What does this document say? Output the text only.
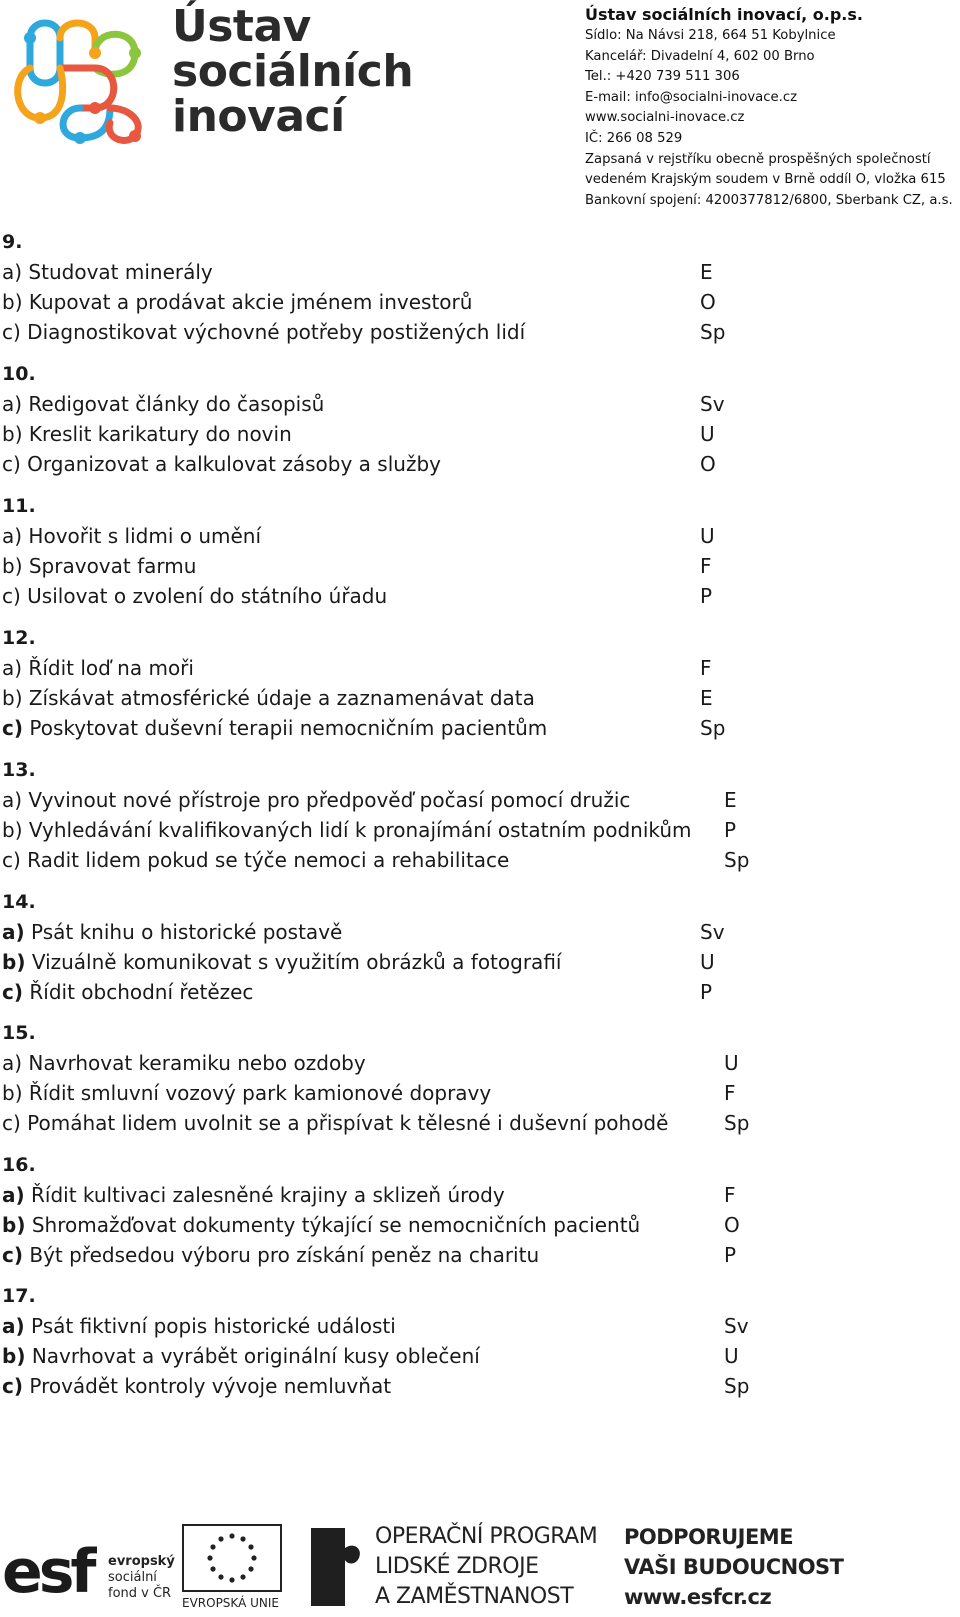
Ústav
sociálních
inovací
Ústav sociálních inovací, o.p.s.
Sídlo: Na Návsi 218, 664 51 Kobylnice
Kancelář: Divadelní 4, 602 00 Brno
Tel.: +420 739 511 306
E-mail: info@socialni-inovace.cz
www.socialni-inovace.cz
IČ: 266 08 529
Zapsaná v rejstříku obecně prospěšných společností
vedeném Krajským soudem v Brně oddíl O, vložka 615
Bankovní spojení: 4200377812/6800, Sberbank CZ, a.s.
9.
a) Studovat minerály	E
b) Kupovat a prodávat akcie jménem investorů	O
c) Diagnostikovat výchovné potřeby postižených lidí	Sp
10.
a) Redigovat články do časopisů	Sv
b) Kreslit karikatury do novin	U
c) Organizovat a kalkulovat zásoby a služby	O
11.
a) Hovořit s lidmi o umění	U
b) Spravovat farmu	F
c) Usilovat o zvolení do státního úřadu	P
12.
a) Řídit loď na moři	F
b) Získávat atmosférické údaje a zaznamenávat data	E
c) Poskytovat duševní terapii nemocničním pacientům	Sp
13.
a) Vyvinout nové přístroje pro předpověď počasí pomocí družic	E
b) Vyhledávání kvalifikovaných lidí k pronajímání ostatním podnikům P
c) Radit lidem pokud se týče nemoci a rehabilitace	Sp
14.
a) Psát knihu o historické postavě	Sv
b) Vizuálně komunikovat s využitím obrázků a fotografií	U
c) Řídit obchodní řetězec	P
15.
a) Navrhovat keramiku nebo ozdoby	U
b) Řídit smluvní vozový park kamionové dopravy	F
c) Pomáhat lidem uvolnit se a přispívat k tělesné i duševní pohodě	Sp
16.
a) Řídit kultivaci zalesněné krajiny a sklizeň úrody	F
b) Shromažďovat dokumenty týkající se nemocničních pacientů	O
c) Být předsedou výboru pro získání peněz na charitu	P
17.
a) Psát fiktivní popis historické události	Sv
b) Navrhovat a vyrábět originální kusy oblečení	U
c) Provádět kontroly vývoje nemluvňat	Sp
esf evropský
sociální
fond v ČR
EVROPSKÁ UNIE
OPERAČNÍ PROGRAM
LIDSKÉ ZDROJE
A ZAMĚSTNANOST
PODPORUJEME
VAŠI BUDOUCNOST
www.esfcr.cz
